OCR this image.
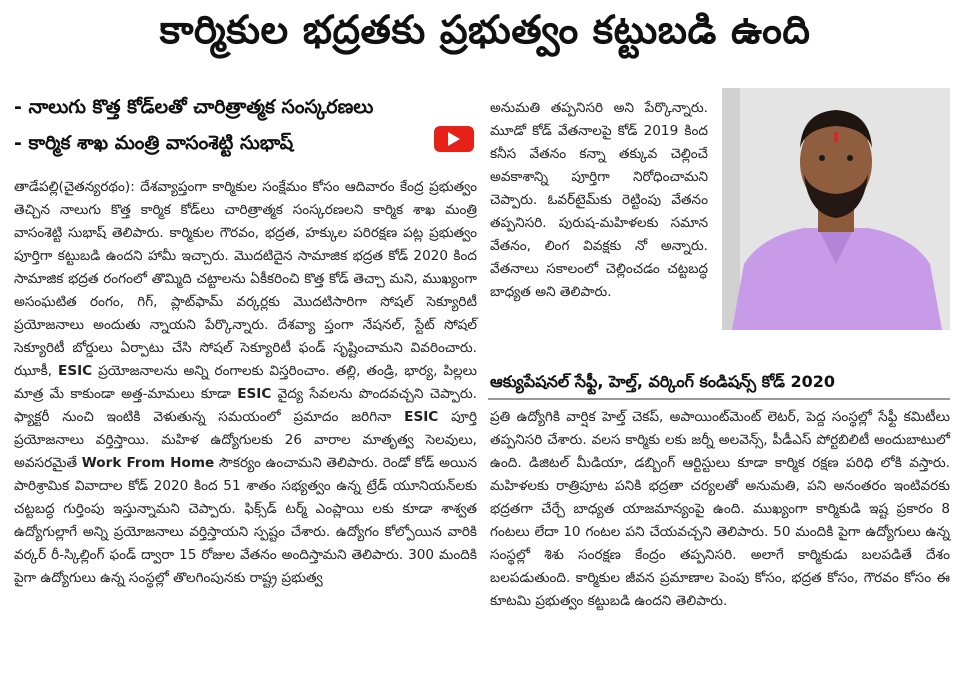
కార్మికుల భద్రతకు ప్రభుత్వం కట్టుబడి ఉంది
- నాలుగు కొత్త కోడ్‌లతో చారిత్రాత్మక సంస్కరణలు
- కార్మిక శాఖ మంత్రి వాసంశెట్టి సుభాష్

తాడేపల్లి(చైతన్యరథం): దేశవ్యాప్తంగా కార్మికుల సంక్షేమం కోసం ఆదివారం కేంద్ర ప్రభుత్వం తెచ్చిన నాలుగు కొత్త కార్మిక కోడ్‌లు చారిత్రాత్మక సంస్కరణలని కార్మిక శాఖ మంత్రి వాసంశెట్టి సుభాష్ తెలిపారు. కార్మికుల గౌరవం, భద్రత, హక్కుల పరిరక్షణ పట్ల ప్రభుత్వం పూర్తిగా కట్టుబడి ఉందని హామీ ఇచ్చారు. మొదటిదైన సామాజిక భద్రత కోడ్ 2020 కింద సామాజిక భద్రత రంగంలో తొమ్మిది చట్టాలను ఏకీకరించి కొత్త కోడ్ తెచ్చా మని, ముఖ్యంగా అసంఘటిత రంగం, గిగ్, ప్లాట్‌ఫామ్ వర్కర్లకు మొదటిసారిగా సోషల్ సెక్యూరిటీ ప్రయోజనాలు అందుతు న్నాయని పేర్కొన్నారు. దేశవ్యా ప్తంగా నేషనల్, స్టేట్ సోషల్ సెక్యూరిటీ బోర్డులు ఏర్పాటు చేసి సోషల్ సెక్యూరిటీ ఫండ్ సృష్టించామని వివరించారు. ఝూకీ, ESIC ప్రయోజనాలను అన్ని రంగాలకు విస్తరించాం. తల్లి, తండ్రి, భార్య, పిల్లలు మాత్ర మే కాకుండా అత్త-మామలు కూడా ESIC వైద్య సేవలను పొందవచ్చని చెప్పారు. ఫ్యాక్టరీ నుంచి ఇంటికి వెళుతున్న సమయంలో ప్రమాదం జరిగినా ESIC పూర్తి ప్రయోజనాలు వర్తిస్తాయి. మహిళ ఉద్యోగులకు 26 వారాల మాతృత్వ సెలవులు, అవసరమైతే Work From Home సౌకర్యం ఉంచామని తెలిపారు. రెండో కోడ్ అయిన పారిశ్రామిక వివాదాల కోడ్ 2020 కింద 51 శాతం సభ్యత్వం ఉన్న ట్రేడ్ యూనియన్‌లకు చట్టబద్ధ గుర్తింపు ఇస్తున్నామని చెప్పారు. ఫిక్స్‌డ్ టర్మ్ ఎంప్లాయి లకు కూడా శాశ్వత ఉద్యోగుల్లాగే అన్ని ప్రయోజనాలు వర్తిస్తాయని స్పష్టం చేశారు. ఉద్యోగం కోల్పోయిన వారికి వర్కర్ రీ-స్కిల్లింగ్ ఫండ్ ద్వారా 15 రోజుల వేతనం అందిస్తామని తెలిపారు. 300 మందికి పైగా ఉద్యోగులు ఉన్న సంస్థల్లో తొలగింపునకు రాష్ట్ర ప్రభుత్వ

అనుమతి తప్పనిసరి అని పేర్కొన్నారు. మూడో కోడ్ వేతనాలపై కోడ్ 2019 కింద కనీస వేతనం కన్నా తక్కువ చెల్లించే అవకాశాన్ని పూర్తిగా నిరోధించామని చెప్పారు. ఓవర్‌టైమ్‌కు రెట్టింపు వేతనం తప్పనిసరి. పురుష-మహిళలకు సమాన వేతనం, లింగ వివక్షకు నో అన్నారు. వేతనాలు సకాలంలో చెల్లించడం చట్టబద్ధ బాధ్యత అని తెలిపారు.

ఆక్యుపేషనల్ సేఫ్టీ, హెల్త్, వర్కింగ్ కండిషన్స్ కోడ్ 2020

ప్రతి ఉద్యోగికి వార్షిక హెల్త్ చెకప్, అపాయింట్‌మెంట్ లెటర్, పెద్ద సంస్థల్లో సేఫ్టీ కమిటీలు తప్పనిసరి చేశారు. వలస కార్మికు లకు జర్నీ అలవెన్స్, పీడీఎస్ పోర్టబిలిటీ అందుబాటులో ఉంది. డిజిటల్ మీడియా, డబ్బింగ్ ఆర్టిస్టులు కూడా కార్మిక రక్షణ పరిధి లోకి వస్తారు. మహిళలకు రాత్రిపూట పనికి భద్రతా చర్యలతో అనుమతి, పని అనంతరం ఇంటివరకు భద్రతగా చేర్చే బాధ్యత యాజమాన్యంపై ఉంది. ముఖ్యంగా కార్మికుడి ఇష్ట ప్రకారం 8 గంటలు లేదా 10 గంటల పని చేయవచ్చని తెలిపారు. 50 మందికి పైగా ఉద్యోగులు ఉన్న సంస్థల్లో శిశు సంరక్షణ కేంద్రం తప్పనిసరి. అలాగే కార్మికుడు బలపడితే దేశం బలపడుతుంది. కార్మికుల జీవన ప్రమాణాల పెంపు కోసం, భద్రత కోసం, గౌరవం కోసం ఈ కూటమి ప్రభుత్వం కట్టుబడి ఉందని తెలిపారు.
